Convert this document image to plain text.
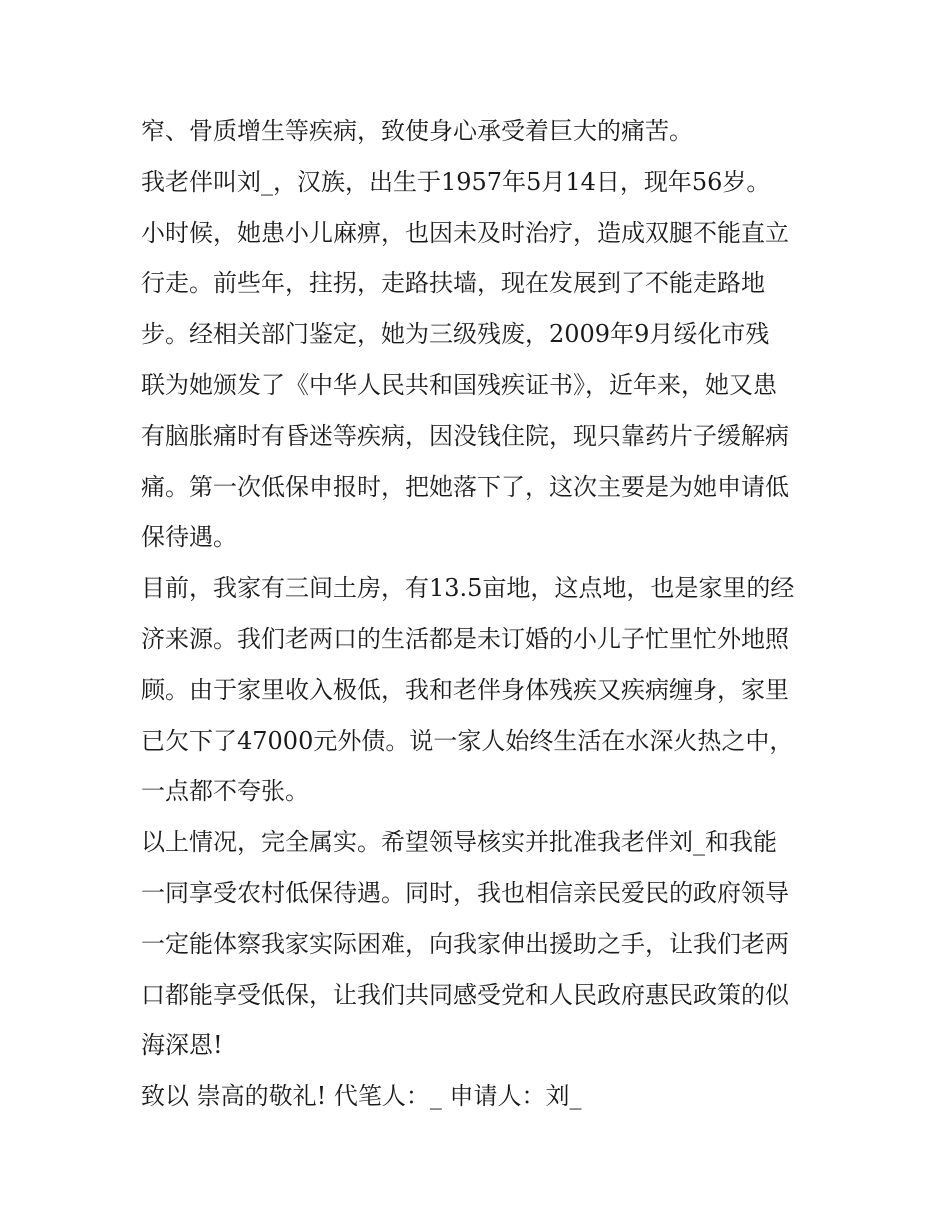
窄、骨质增生等疾病，致使身心承受着巨大的痛苦。
我老伴叫刘_，汉族，出生于1957年5月14日，现年56岁。
小时候，她患小儿麻痹，也因未及时治疗，造成双腿不能直立
行走。前些年，拄拐，走路扶墙，现在发展到了不能走路地
步。经相关部门鉴定，她为三级残废，2009年9月绥化市残
联为她颁发了《中华人民共和国残疾证书》，近年来，她又患
有脑胀痛时有昏迷等疾病，因没钱住院，现只靠药片子缓解病
痛。第一次低保申报时，把她落下了，这次主要是为她申请低
保待遇。
目前，我家有三间土房，有13.5亩地，这点地，也是家里的经
济来源。我们老两口的生活都是未订婚的小儿子忙里忙外地照
顾。由于家里收入极低，我和老伴身体残疾又疾病缠身，家里
已欠下了47000元外债。说一家人始终生活在水深火热之中，
一点都不夸张。
以上情况，完全属实。希望领导核实并批准我老伴刘_和我能
一同享受农村低保待遇。同时，我也相信亲民爱民的政府领导
一定能体察我家实际困难，向我家伸出援助之手，让我们老两
口都能享受低保，让我们共同感受党和人民政府惠民政策的似
海深恩!
致以 崇高的敬礼! 代笔人：_ 申请人：刘_
